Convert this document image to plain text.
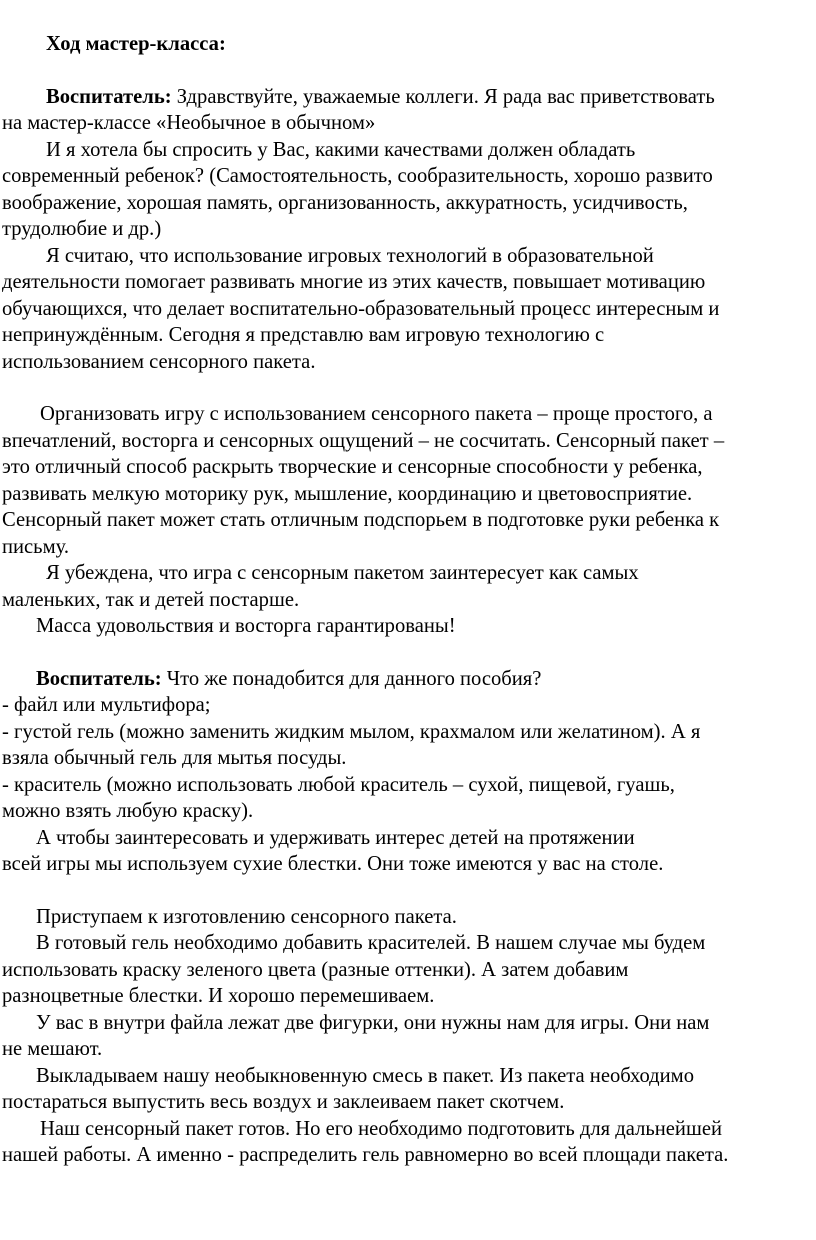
Ход мастер-класса:
Воспитатель: Здравствуйте, уважаемые коллеги. Я рада вас приветствовать
на мастер-классе «Необычное в обычном»
И я хотела бы спросить у Вас, какими качествами должен обладать
современный ребенок? (Самостоятельность, сообразительность, хорошо развито
воображение, хорошая память, организованность, аккуратность, усидчивость,
трудолюбие и др.)
Я считаю, что использование игровых технологий в образовательной
деятельности помогает развивать многие из этих качеств, повышает мотивацию
обучающихся, что делает воспитательно-образовательный процесс интересным и
непринуждённым. Сегодня я представлю вам игровую технологию с
использованием сенсорного пакета.
Организовать игру с использованием сенсорного пакета – проще простого, а
впечатлений, восторга и сенсорных ощущений – не сосчитать. Сенсорный пакет –
это отличный способ раскрыть творческие и сенсорные способности у ребенка,
развивать мелкую моторику рук, мышление, координацию и цветовосприятие.
Сенсорный пакет может стать отличным подспорьем в подготовке руки ребенка к
письму.
Я убеждена, что игра с сенсорным пакетом заинтересует как самых
маленьких, так и детей постарше.
Масса удовольствия и восторга гарантированы!
Воспитатель: Что же понадобится для данного пособия?
- файл или мультифора;
- густой гель (можно заменить жидким мылом, крахмалом или желатином). А я
взяла обычный гель для мытья посуды.
- краситель (можно использовать любой краситель – сухой, пищевой, гуашь,
можно взять любую краску).
А чтобы заинтересовать и удерживать интерес детей на протяжении
всей игры мы используем сухие блестки. Они тоже имеются у вас на столе.
Приступаем к изготовлению сенсорного пакета.
В готовый гель необходимо добавить красителей. В нашем случае мы будем
использовать краску зеленого цвета (разные оттенки). А затем добавим
разноцветные блестки. И хорошо перемешиваем.
У вас в внутри файла лежат две фигурки, они нужны нам для игры. Они нам
не мешают.
Выкладываем нашу необыкновенную смесь в пакет. Из пакета необходимо
постараться выпустить весь воздух и заклеиваем пакет скотчем.
Наш сенсорный пакет готов. Но его необходимо подготовить для дальнейшей
нашей работы. А именно - распределить гель равномерно во всей площади пакета.
